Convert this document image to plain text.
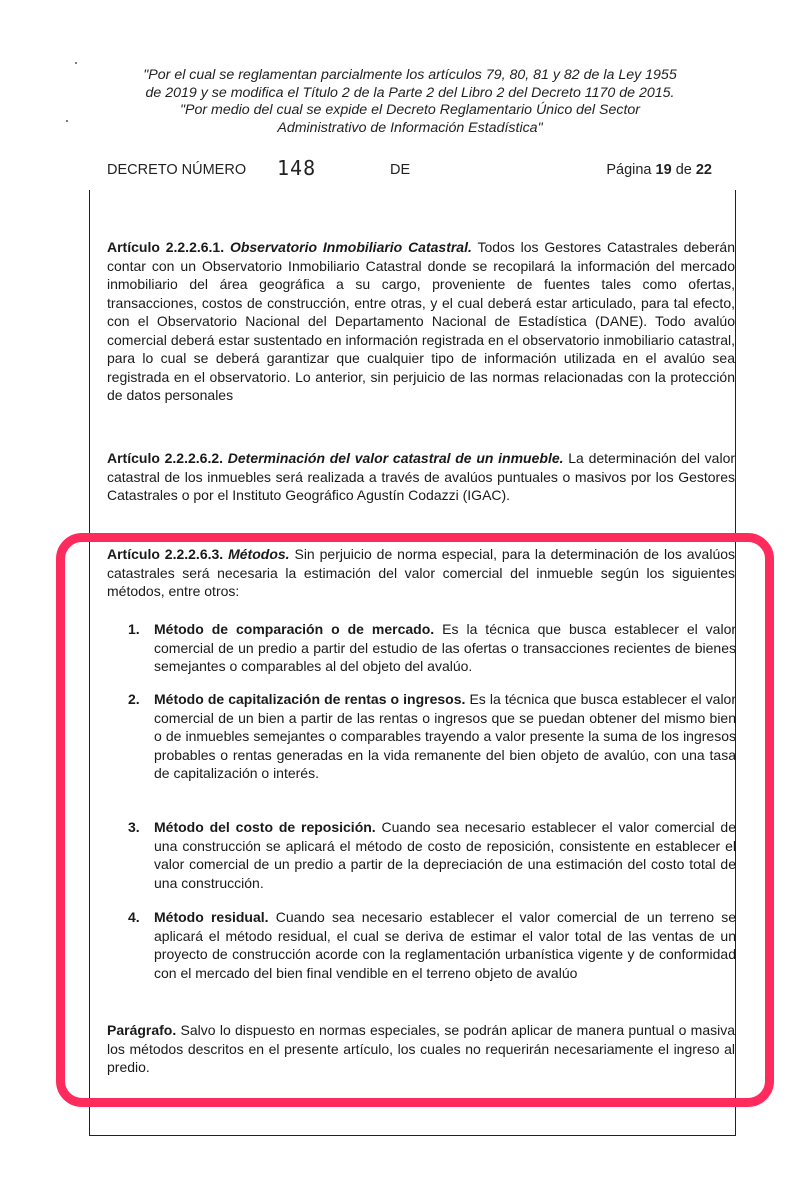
"Por el cual se reglamentan parcialmente los artículos 79, 80, 81 y 82 de la Ley 1955
de 2019 y se modifica el Título 2 de la Parte 2 del Libro 2 del Decreto 1170 de 2015.
"Por medio del cual se expide el Decreto Reglamentario Único del Sector
Administrativo de Información Estadística"
DECRETO NÚMERO 148	DE	Página 19 de 22
Artículo 2.2.2.6.1. Observatorio Inmobiliario Catastral. Todos los Gestores Catastrales deberán contar con un Observatorio Inmobiliario Catastral donde se recopilará la información del mercado inmobiliario del área geográfica a su cargo, proveniente de fuentes tales como ofertas, transacciones, costos de construcción, entre otras, y el cual deberá estar articulado, para tal efecto, con el Observatorio Nacional del Departamento Nacional de Estadística (DANE). Todo avalúo comercial deberá estar sustentado en información registrada en el observatorio inmobiliario catastral, para lo cual se deberá garantizar que cualquier tipo de información utilizada en el avalúo sea registrada en el observatorio. Lo anterior, sin perjuicio de las normas relacionadas con la protección de datos personales
Artículo 2.2.2.6.2. Determinación del valor catastral de un inmueble. La determinación del valor catastral de los inmuebles será realizada a través de avalúos puntuales o masivos por los Gestores Catastrales o por el Instituto Geográfico Agustín Codazzi (IGAC).
Artículo 2.2.2.6.3. Métodos. Sin perjuicio de norma especial, para la determinación de los avalúos catastrales será necesaria la estimación del valor comercial del inmueble según los siguientes métodos, entre otros:
1. Método de comparación o de mercado. Es la técnica que busca establecer el valor comercial de un predio a partir del estudio de las ofertas o transacciones recientes de bienes semejantes o comparables al del objeto del avalúo.
2. Método de capitalización de rentas o ingresos. Es la técnica que busca establecer el valor comercial de un bien a partir de las rentas o ingresos que se puedan obtener del mismo bien o de inmuebles semejantes o comparables trayendo a valor presente la suma de los ingresos probables o rentas generadas en la vida remanente del bien objeto de avalúo, con una tasa de capitalización o interés.
3. Método del costo de reposición. Cuando sea necesario establecer el valor comercial de una construcción se aplicará el método de costo de reposición, consistente en establecer el valor comercial de un predio a partir de la depreciación de una estimación del costo total de una construcción.
4. Método residual. Cuando sea necesario establecer el valor comercial de un terreno se aplicará el método residual, el cual se deriva de estimar el valor total de las ventas de un proyecto de construcción acorde con la reglamentación urbanística vigente y de conformidad con el mercado del bien final vendible en el terreno objeto de avalúo
Parágrafo. Salvo lo dispuesto en normas especiales, se podrán aplicar de manera puntual o masiva los métodos descritos en el presente artículo, los cuales no requerirán necesariamente el ingreso al predio.
